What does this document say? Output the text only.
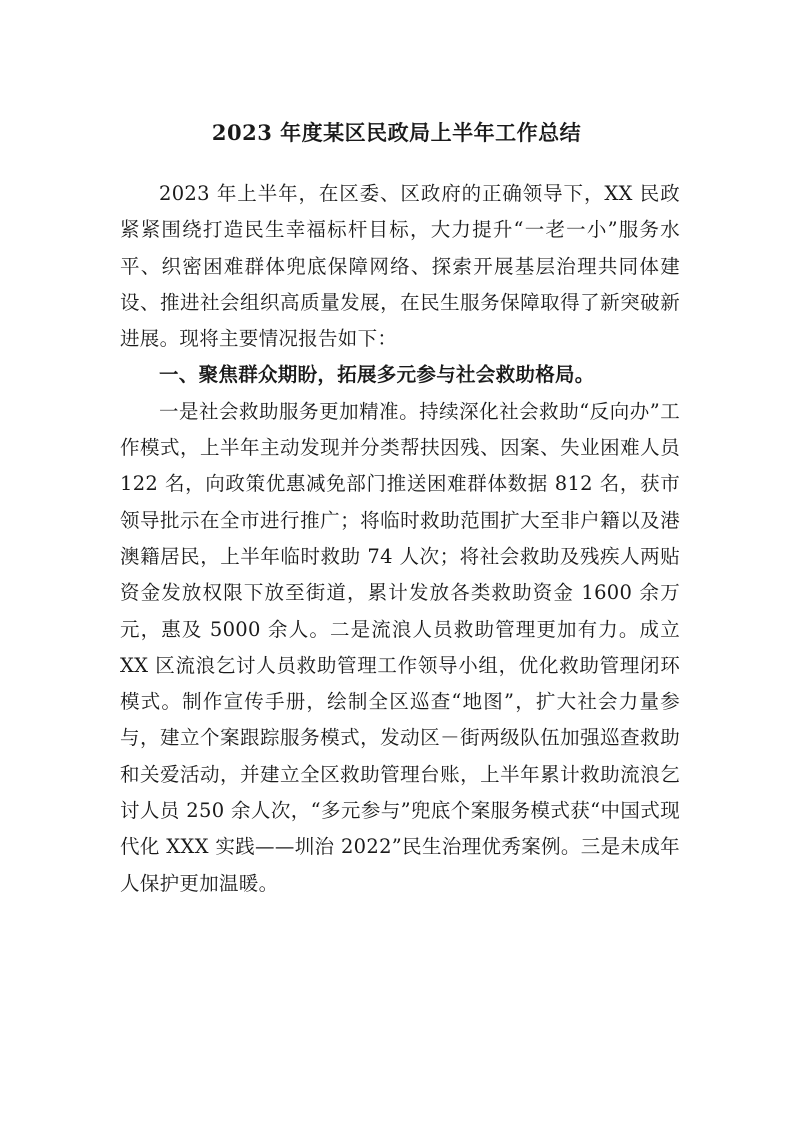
2023 年度某区民政局上半年工作总结

2023 年上半年，在区委、区政府的正确领导下，XX 民政紧紧围绕打造民生幸福标杆目标，大力提升“一老一小”服务水平、织密困难群体兜底保障网络、探索开展基层治理共同体建设、推进社会组织高质量发展，在民生服务保障取得了新突破新进展。现将主要情况报告如下：

一、聚焦群众期盼，拓展多元参与社会救助格局。

一是社会救助服务更加精准。持续深化社会救助“反向办”工作模式，上半年主动发现并分类帮扶因残、因案、失业困难人员 122 名，向政策优惠减免部门推送困难群体数据 812 名，获市领导批示在全市进行推广；将临时救助范围扩大至非户籍以及港澳籍居民，上半年临时救助 74 人次；将社会救助及残疾人两贴资金发放权限下放至街道，累计发放各类救助资金 1600 余万元，惠及 5000 余人。二是流浪人员救助管理更加有力。成立 XX 区流浪乞讨人员救助管理工作领导小组，优化救助管理闭环模式。制作宣传手册，绘制全区巡查“地图”，扩大社会力量参与，建立个案跟踪服务模式，发动区－街两级队伍加强巡查救助和关爱活动，并建立全区救助管理台账，上半年累计救助流浪乞讨人员 250 余人次，“多元参与”兜底个案服务模式获“中国式现代化 XXX 实践——圳治 2022”民生治理优秀案例。三是未成年人保护更加温暖。
